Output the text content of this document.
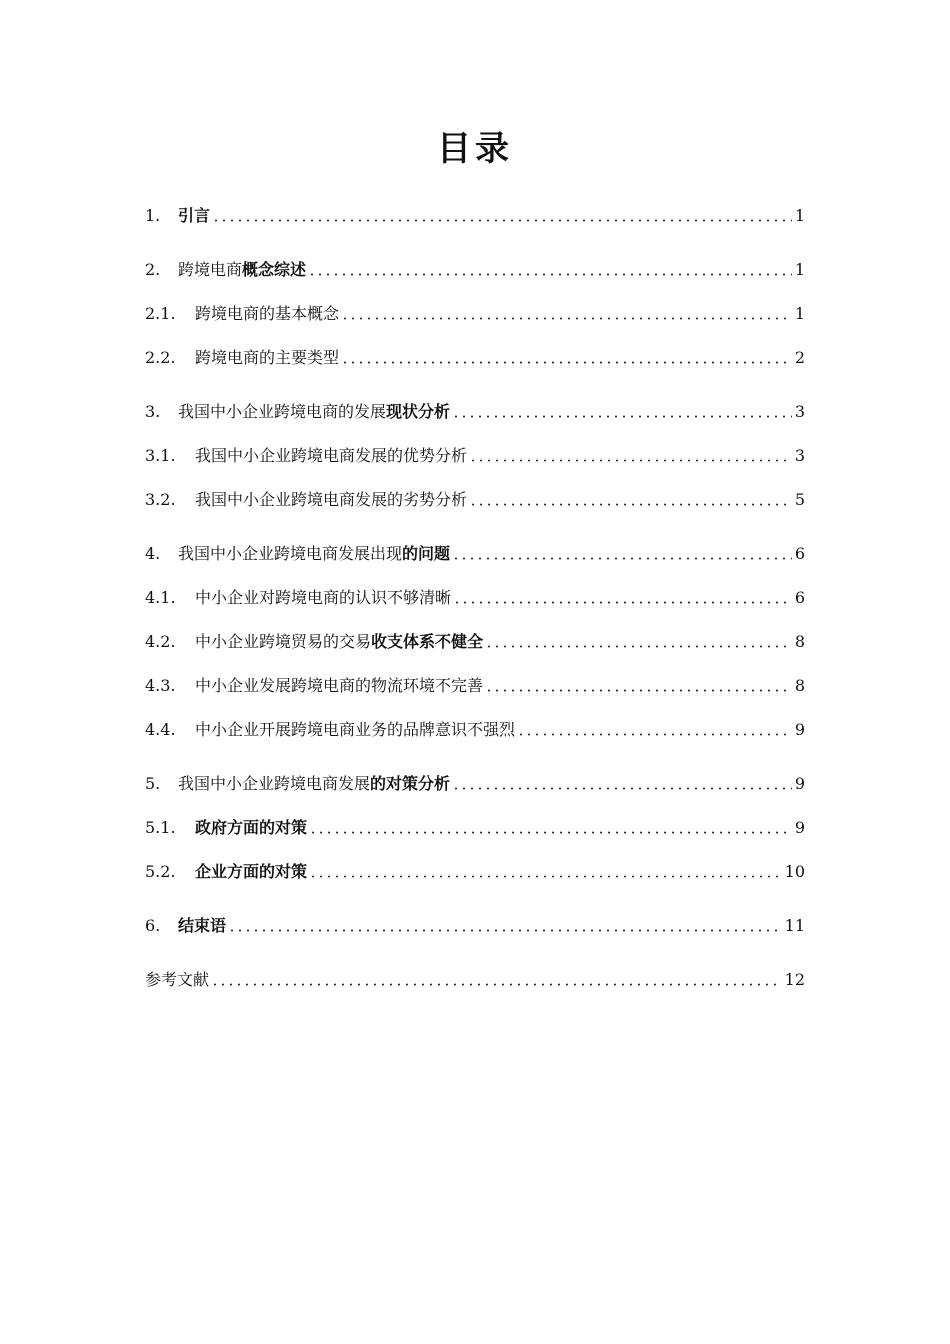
目录
1.	引言	1
2.	跨境电商概念综述	1
2.1.	跨境电商的基本概念	1
2.2.	跨境电商的主要类型	2
3.	我国中小企业跨境电商的发展现状分析	3
3.1.	我国中小企业跨境电商发展的优势分析	3
3.2.	我国中小企业跨境电商发展的劣势分析	5
4.	我国中小企业跨境电商发展出现的问题	6
4.1.	中小企业对跨境电商的认识不够清晰	6
4.2.	中小企业跨境贸易的交易收支体系不健全	8
4.3.	中小企业发展跨境电商的物流环境不完善	8
4.4.	中小企业开展跨境电商业务的品牌意识不强烈	9
5.	我国中小企业跨境电商发展的对策分析	9
5.1.	政府方面的对策	9
5.2.	企业方面的对策	10
6.	结束语	11
参考文献	12
